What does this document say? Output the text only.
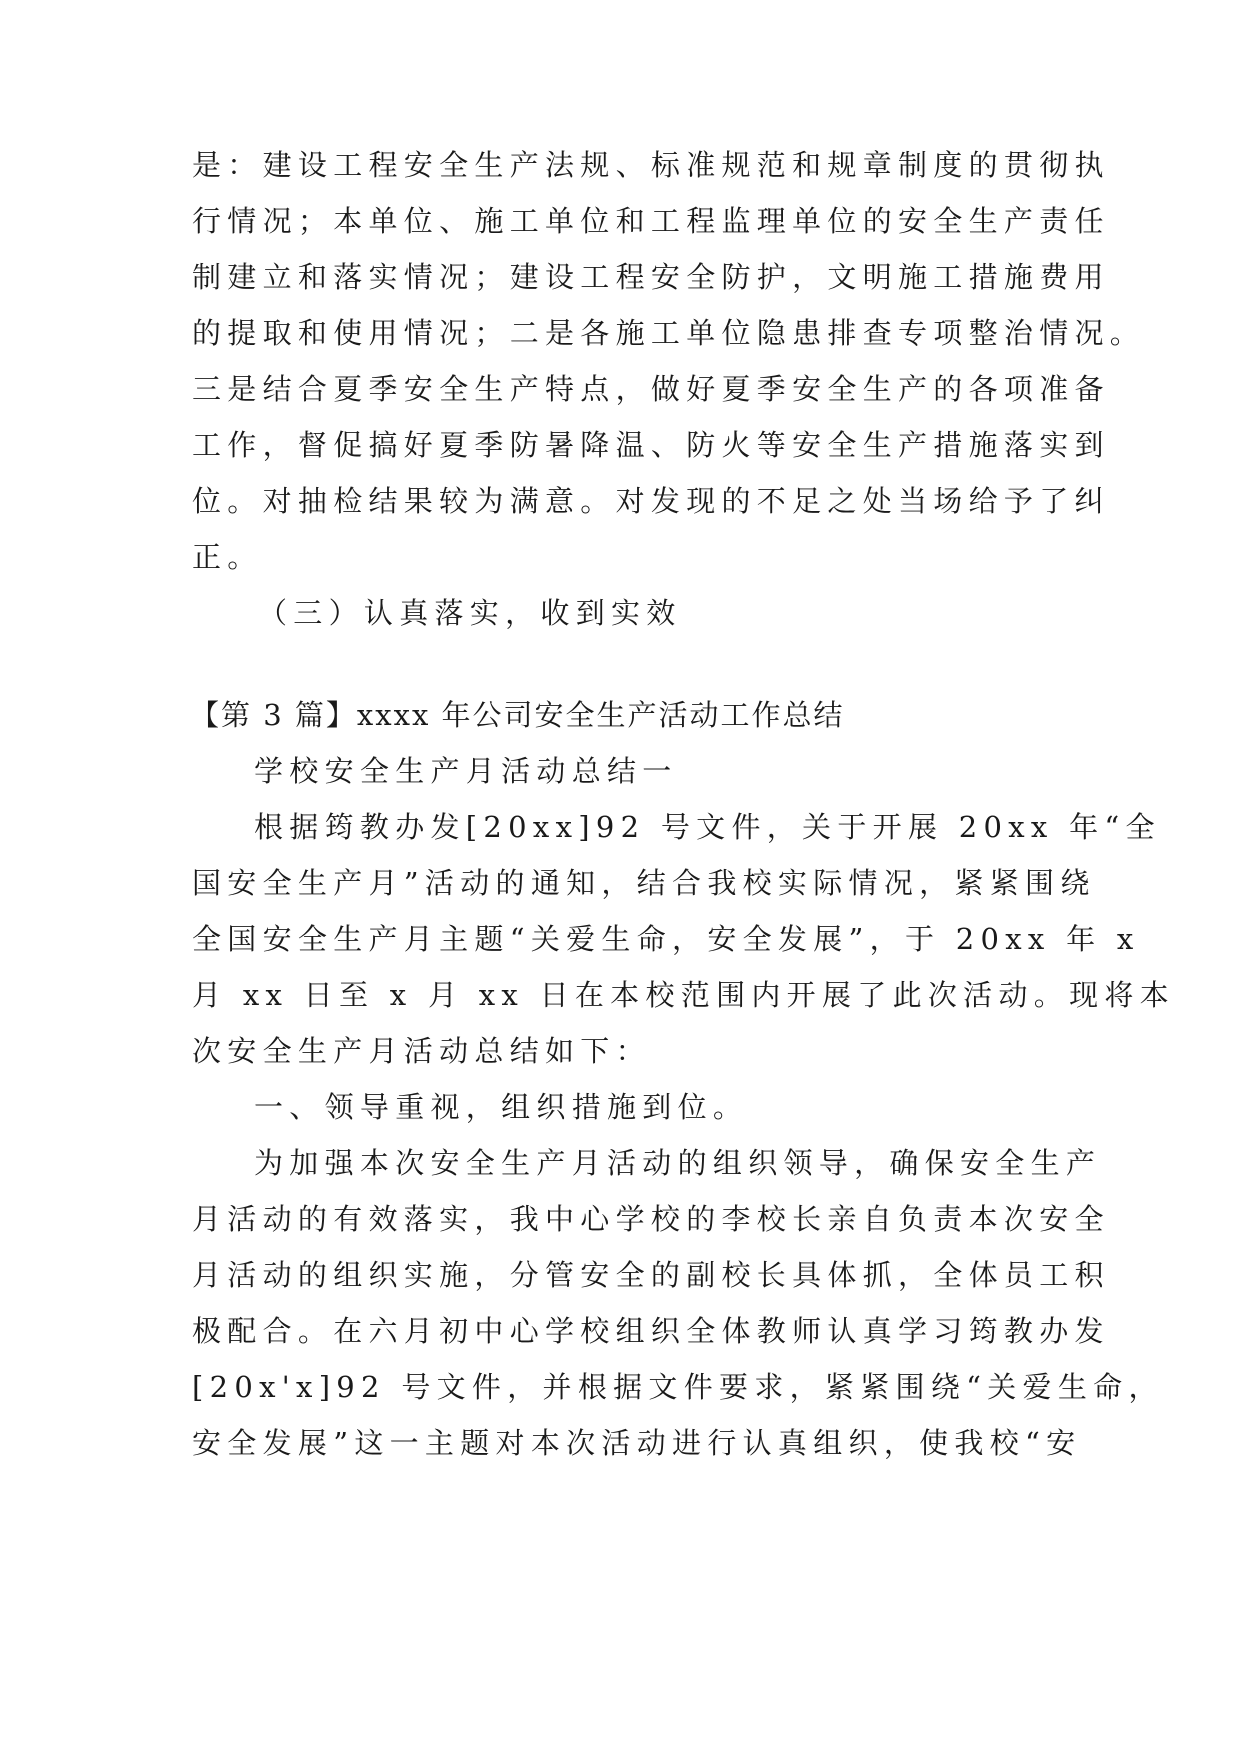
是：建设工程安全生产法规、标准规范和规章制度的贯彻执
行情况；本单位、施工单位和工程监理单位的安全生产责任
制建立和落实情况；建设工程安全防护，文明施工措施费用
的提取和使用情况；二是各施工单位隐患排查专项整治情况。
三是结合夏季安全生产特点，做好夏季安全生产的各项准备
工作，督促搞好夏季防暑降温、防火等安全生产措施落实到
位。对抽检结果较为满意。对发现的不足之处当场给予了纠
正。
（三）认真落实，收到实效
【第 3 篇】xxxx 年公司安全生产活动工作总结
学校安全生产月活动总结一
根据筠教办发[20xx]92 号文件，关于开展 20xx 年“全
国安全生产月”活动的通知，结合我校实际情况，紧紧围绕
全国安全生产月主题“关爱生命，安全发展”，于 20xx 年 x
月 xx 日至 x 月 xx 日在本校范围内开展了此次活动。现将本
次安全生产月活动总结如下：
一、领导重视，组织措施到位。
为加强本次安全生产月活动的组织领导，确保安全生产
月活动的有效落实，我中心学校的李校长亲自负责本次安全
月活动的组织实施，分管安全的副校长具体抓，全体员工积
极配合。在六月初中心学校组织全体教师认真学习筠教办发
[20x'x]92 号文件，并根据文件要求，紧紧围绕“关爱生命，
安全发展”这一主题对本次活动进行认真组织，使我校“安
